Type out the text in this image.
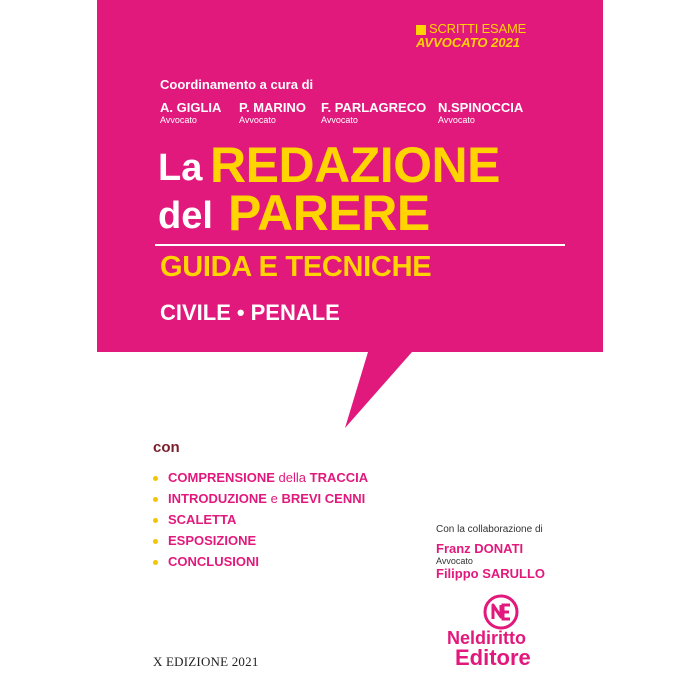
SCRITTI ESAME
AVVOCATO 2021
Coordinamento a cura di
A. GIGLIA
Avvocato
P. MARINO
Avvocato
F. PARLAGRECO
Avvocato
N.SPINOCCIA
Avvocato
La REDAZIONE
del PARERE
GUIDA E TECNICHE
CIVILE • PENALE
con
COMPRENSIONE della TRACCIA
INTRODUZIONE e BREVI CENNI
SCALETTA
ESPOSIZIONE
CONCLUSIONI
Con la collaborazione di
Franz DONATI
Avvocato
Filippo SARULLO
Neldiritto
Editore
X EDIZIONE 2021
